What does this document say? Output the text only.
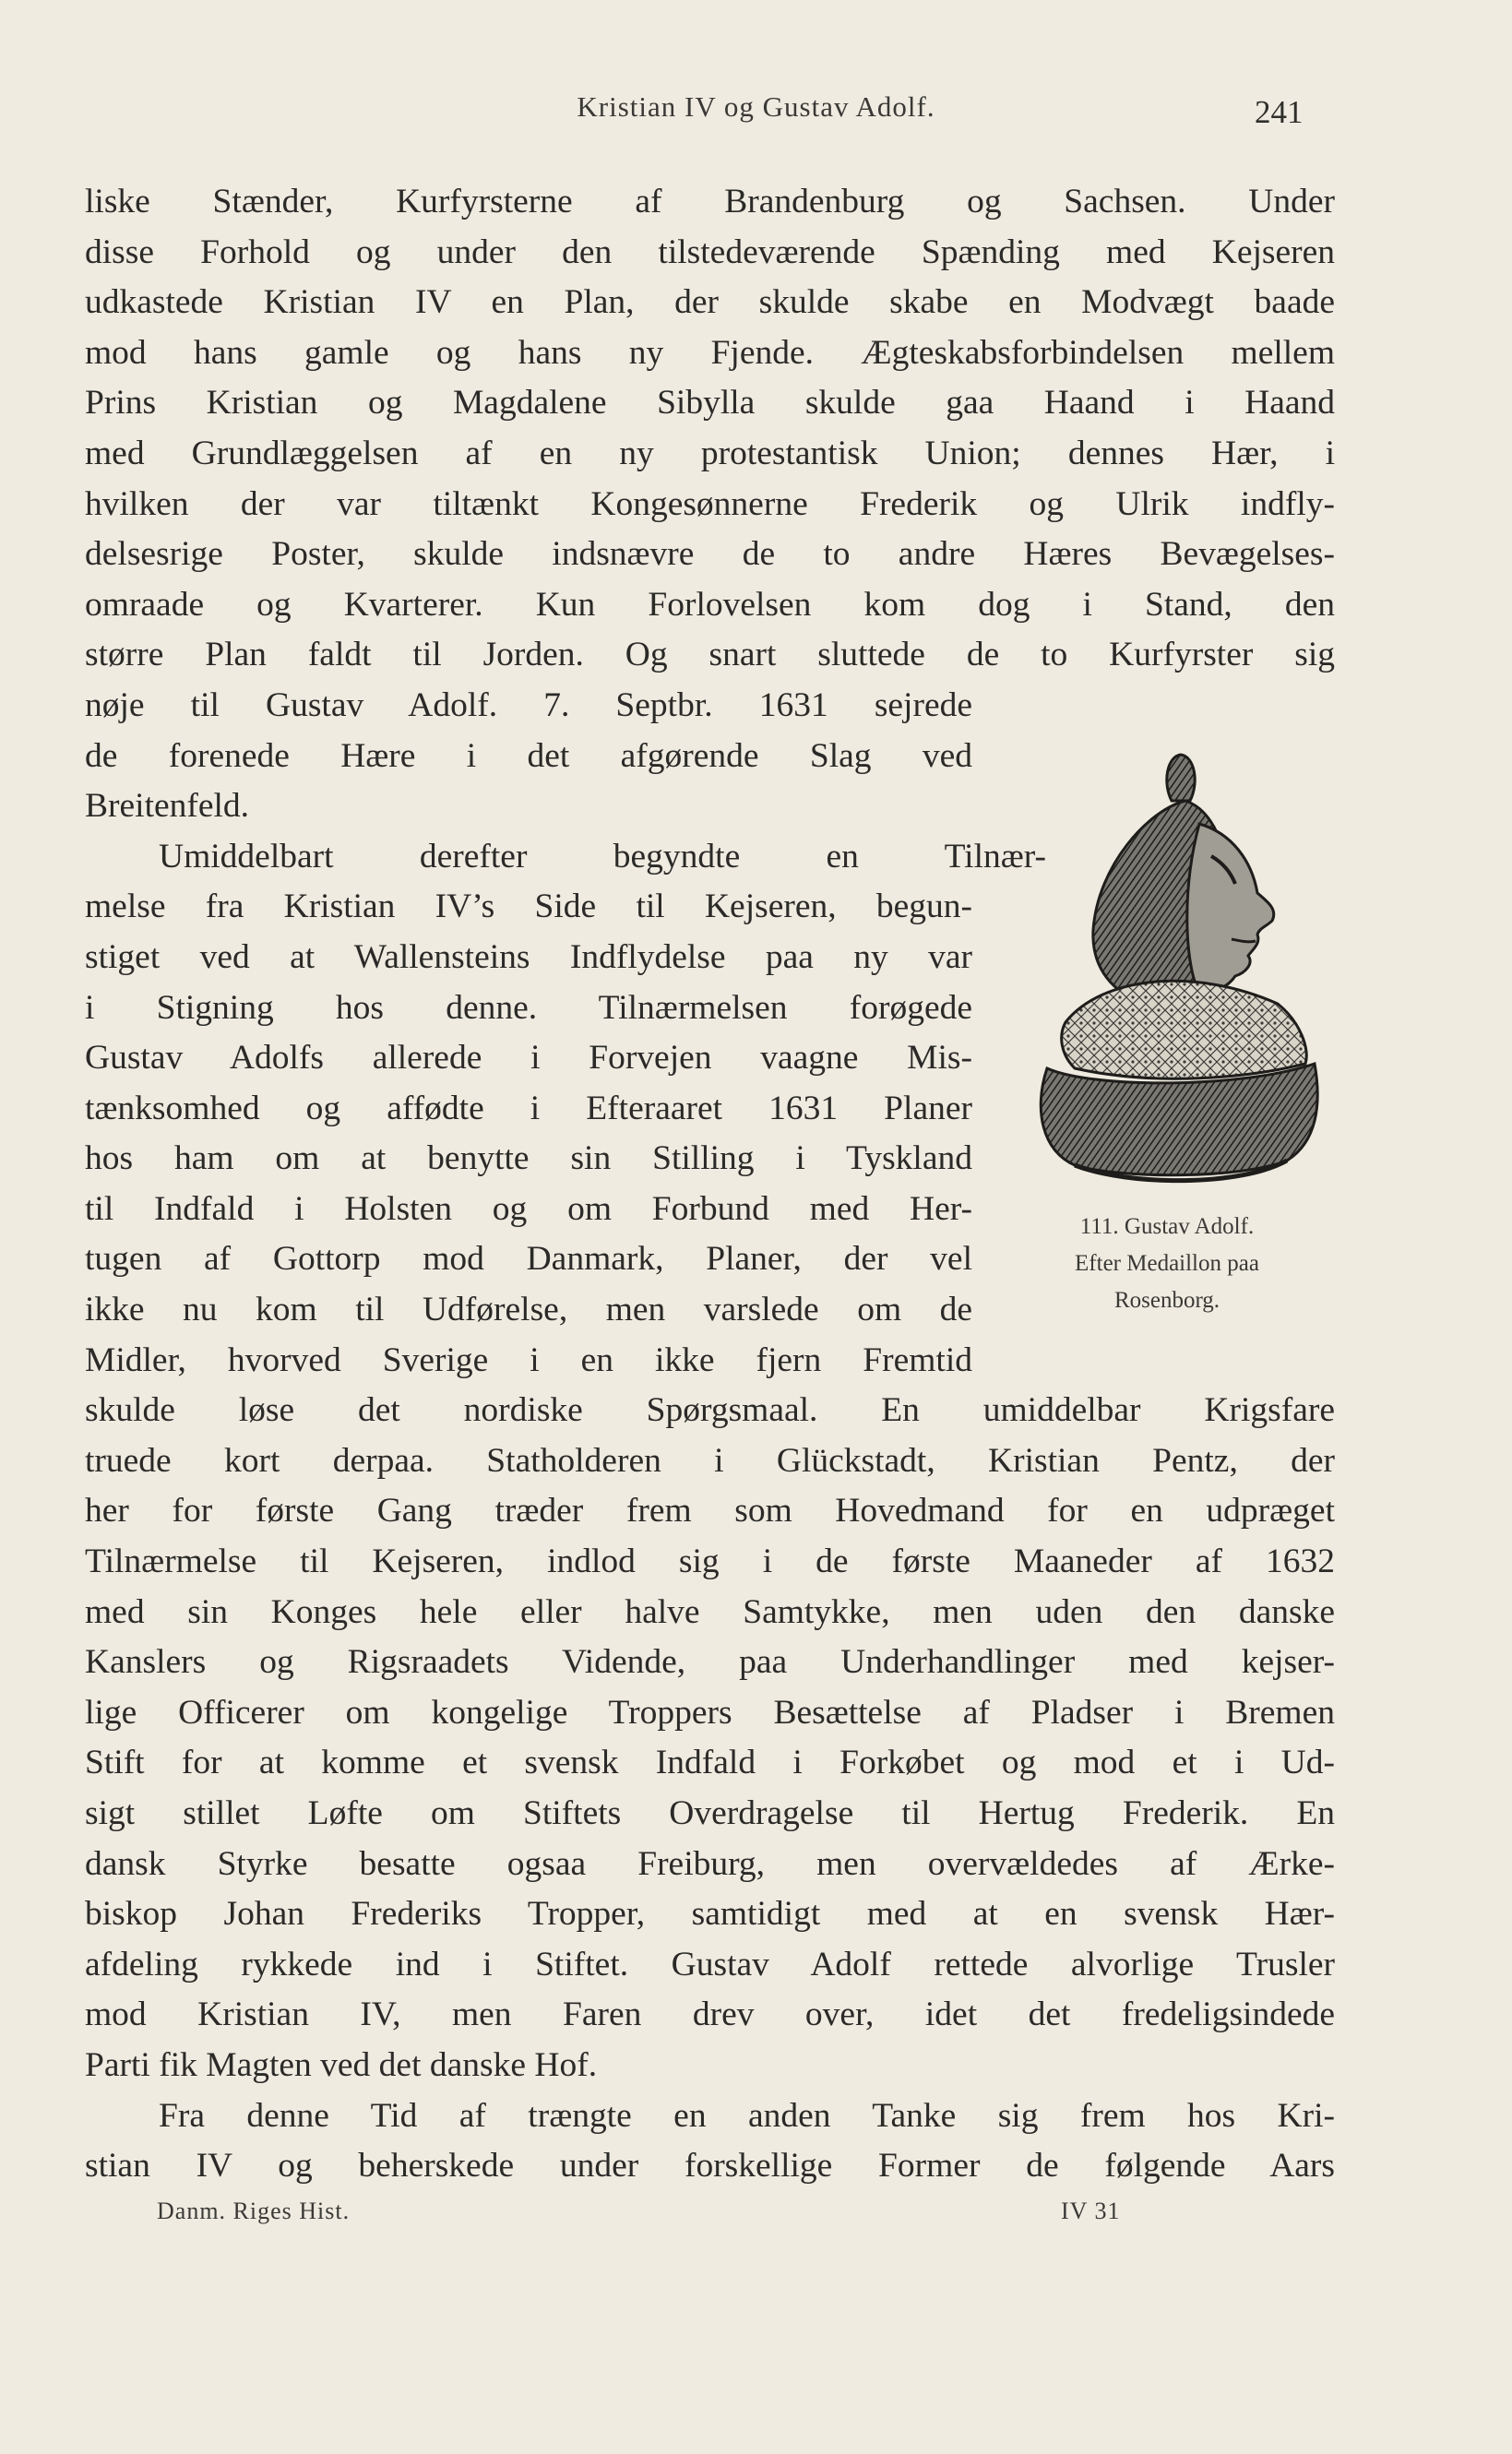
Kristian IV og Gustav Adolf.	241
liske Stænder, Kurfyrsterne af Brandenburg og Sachsen. Under
disse Forhold og under den tilstedeværende Spænding med Kejseren
udkastede Kristian IV en Plan, der skulde skabe en Modvægt baade
mod hans gamle og hans ny Fjende. Ægteskabsforbindelsen mellem
Prins Kristian og Magdalene Sibylla skulde gaa Haand i Haand
med Grundlæggelsen af en ny protestantisk Union; dennes Hær, i
hvilken der var tiltænkt Kongesønnerne Frederik og Ulrik indfly-
delsesrige Poster, skulde indsnævre de to andre Hæres Bevægelses-
omraade og Kvarterer. Kun Forlovelsen kom dog i Stand, den
større Plan faldt til Jorden. Og snart sluttede de to Kurfyrster sig
nøje til Gustav Adolf. 7. Septbr. 1631 sejrede
de forenede Hære i det afgørende Slag ved
Breitenfeld.
Umiddelbart derefter begyndte en Tilnær-
melse fra Kristian IV’s Side til Kejseren, begun-
stiget ved at Wallensteins Indflydelse paa ny var
i Stigning hos denne. Tilnærmelsen forøgede
Gustav Adolfs allerede i Forvejen vaagne Mis-
tænksomhed og affødte i Efteraaret 1631 Planer
hos ham om at benytte sin Stilling i Tyskland
til Indfald i Holsten og om Forbund med Her-
tugen af Gottorp mod Danmark, Planer, der vel
ikke nu kom til Udførelse, men varslede om de
Midler, hvorved Sverige i en ikke fjern Fremtid
skulde løse det nordiske Spørgsmaal. En umiddelbar Krigsfare
truede kort derpaa. Statholderen i Glückstadt, Kristian Pentz, der
her for første Gang træder frem som Hovedmand for en udpræget
Tilnærmelse til Kejseren, indlod sig i de første Maaneder af 1632
med sin Konges hele eller halve Samtykke, men uden den danske
Kanslers og Rigsraadets Vidende, paa Underhandlinger med kejser-
lige Officerer om kongelige Troppers Besættelse af Pladser i Bremen
Stift for at komme et svensk Indfald i Forkøbet og mod et i Ud-
sigt stillet Løfte om Stiftets Overdragelse til Hertug Frederik. En
dansk Styrke besatte ogsaa Freiburg, men overvældedes af Ærke-
biskop Johan Frederiks Tropper, samtidigt med at en svensk Hær-
afdeling rykkede ind i Stiftet. Gustav Adolf rettede alvorlige Trusler
mod Kristian IV, men Faren drev over, idet det fredeligsindede
Parti fik Magten ved det danske Hof.
Fra denne Tid af trængte en anden Tanke sig frem hos Kri-
stian IV og beherskede under forskellige Former de følgende Aars
111. Gustav Adolf.
Efter Medaillon paa
Rosenborg.
Danm. Riges Hist.	IV 31
